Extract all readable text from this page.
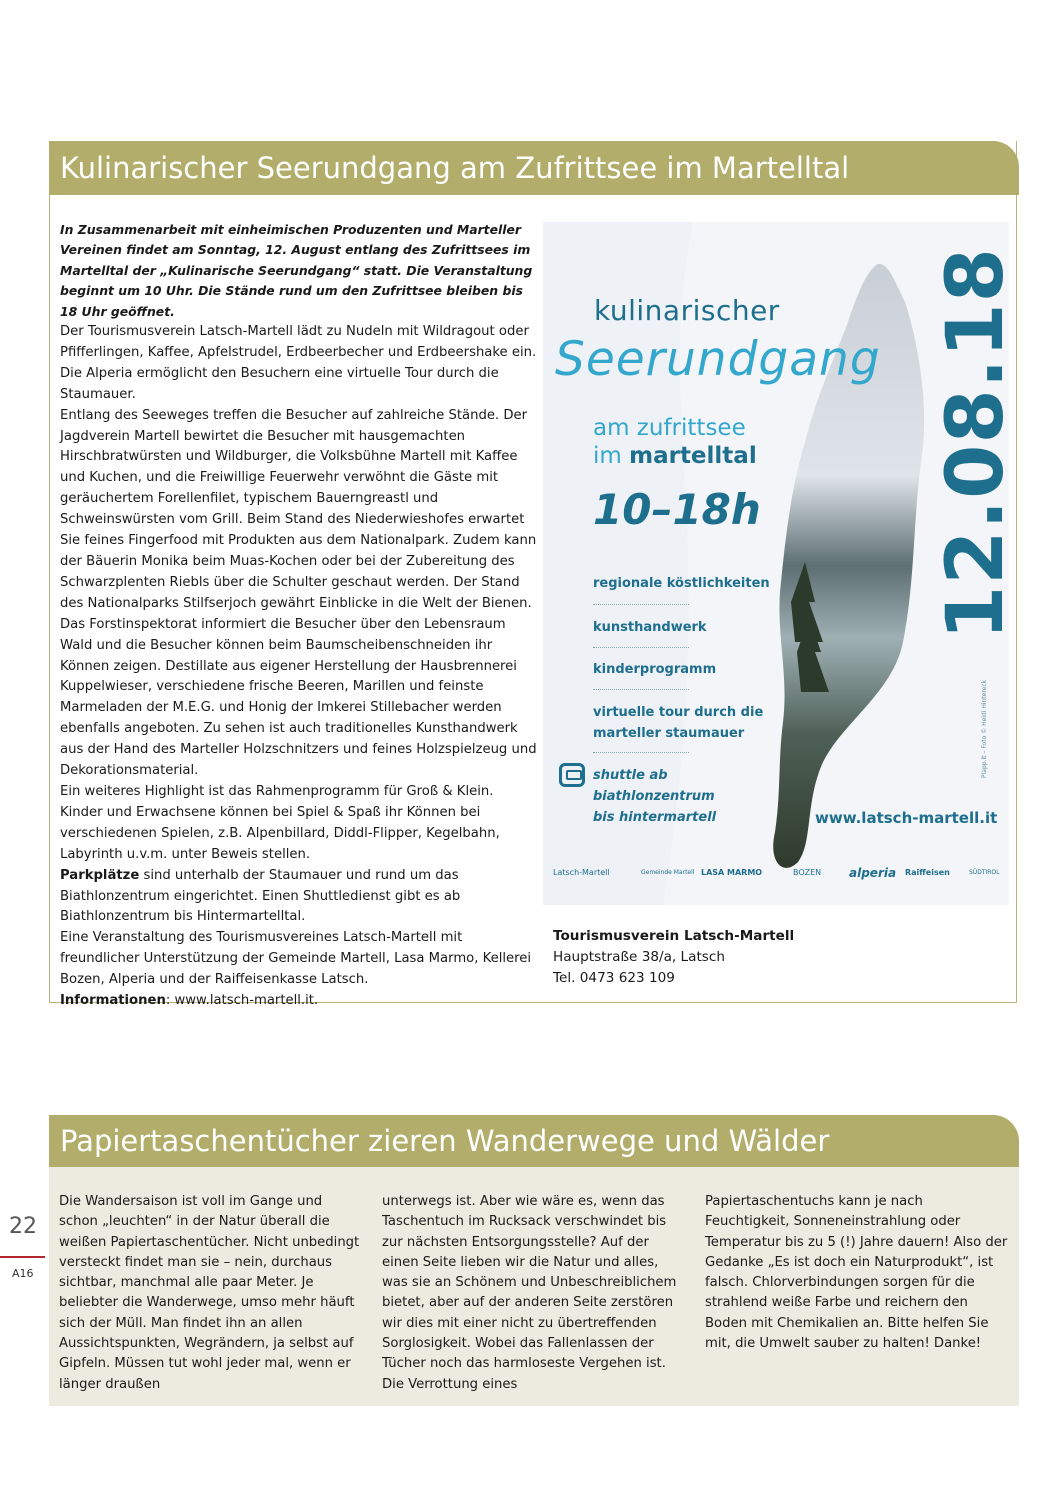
Kulinarischer Seerundgang am Zufrittsee im Martelltal

In Zusammenarbeit mit einheimischen Produzenten und Marteller Vereinen findet am Sonntag, 12. August entlang des Zufrittsees im Martelltal der „Kulinarische Seerundgang“ statt. Die Veranstaltung beginnt um 10 Uhr. Die Stände rund um den Zufrittsee bleiben bis 18 Uhr geöffnet.

Der Tourismusverein Latsch-Martell lädt zu Nudeln mit Wildragout oder Pfifferlingen, Kaffee, Apfelstrudel, Erdbeerbecher und Erdbeershake ein. Die Alperia ermöglicht den Besuchern eine virtuelle Tour durch die Staumauer.

Entlang des Seeweges treffen die Besucher auf zahlreiche Stände. Der Jagdverein Martell bewirtet die Besucher mit hausgemachten Hirschbratwürsten und Wildburger, die Volksbühne Martell mit Kaffee und Kuchen, und die Freiwillige Feuerwehr verwöhnt die Gäste mit geräuchertem Forellenfilet, typischem Bauerngreastl und Schweinswürsten vom Grill. Beim Stand des Niederwieshofes erwartet Sie feines Fingerfood mit Produkten aus dem Nationalpark. Zudem kann der Bäuerin Monika beim Muas-Kochen oder bei der Zubereitung des Schwarzplenten Riebls über die Schulter geschaut werden. Der Stand des Nationalparks Stilfserjoch gewährt Einblicke in die Welt der Bienen. Das Forstinspektorat informiert die Besucher über den Lebensraum Wald und die Besucher können beim Baumscheibenschneiden ihr Können zeigen. Destillate aus eigener Herstellung der Hausbrennerei Kuppelwieser, verschiedene frische Beeren, Marillen und feinste Marmeladen der M.E.G. und Honig der Imkerei Stillebacher werden ebenfalls angeboten. Zu sehen ist auch traditionelles Kunsthandwerk aus der Hand des Marteller Holzschnitzers und feines Holzspielzeug und Dekorationsmaterial.

Ein weiteres Highlight ist das Rahmenprogramm für Groß & Klein. Kinder und Erwachsene können bei Spiel & Spaß ihr Können bei verschiedenen Spielen, z.B. Alpenbillard, Diddl-Flipper, Kegelbahn, Labyrinth u.v.m. unter Beweis stellen.

Parkplätze sind unterhalb der Staumauer und rund um das Biathlonzentrum eingerichtet. Einen Shuttledienst gibt es ab Biathlonzentrum bis Hintermartelltal.

Eine Veranstaltung des Tourismusvereines Latsch-Martell mit freundlicher Unterstützung der Gemeinde Martell, Lasa Marmo, Kellerei Bozen, Alperia und der Raiffeisenkasse Latsch.

Informationen: www.latsch-martell.it.

kulinarischer
Seerundgang
am zufrittsee
im martelltal
10–18h 12.08.18
regionale köstlichkeiten
kunsthandwerk
kinderprogramm
virtuelle tour durch die
marteller staumauer
shuttle ab
biathlonzentrum
bis hintermartell	www.latsch-martell.it
Plapp.it – Foto © Heidi Hintereck
Latsch-Martell	Gemeinde Martell LASA MARMO	BOZEN alperia Raiffeisen	SÜDTIROL
Tourismusverein Latsch-Martell
Hauptstraße 38/a, Latsch
Tel. 0473 623 109
Papiertaschentücher zieren Wanderwege und Wälder
Die Wandersaison ist voll im Gange und schon „leuchten“ in der Natur überall die weißen Papiertaschentücher. Nicht unbedingt versteckt findet man sie – nein, durchaus sichtbar, manchmal alle paar Meter. Je beliebter die Wanderwege, umso mehr häuft sich der Müll. Man findet ihn an allen Aussichtspunkten, Wegrändern, ja selbst auf Gipfeln. Müssen tut wohl jeder mal, wenn er länger draußen
unterwegs ist. Aber wie wäre es, wenn das Taschentuch im Rucksack verschwindet bis zur nächsten Entsorgungsstelle? Auf der einen Seite lieben wir die Natur und alles, was sie an Schönem und Unbeschreiblichem bietet, aber auf der anderen Seite zerstören wir dies mit einer nicht zu übertreffenden Sorglosigkeit. Wobei das Fallenlassen der Tücher noch das harmloseste Vergehen ist. Die Verrottung eines
Papiertaschentuchs kann je nach Feuchtigkeit, Sonneneinstrahlung oder Temperatur bis zu 5 (!) Jahre dauern! Also der Gedanke „Es ist doch ein Naturprodukt“, ist falsch. Chlorverbindungen sorgen für die strahlend weiße Farbe und reichern den Boden mit Chemikalien an. Bitte helfen Sie mit, die Umwelt sauber zu halten! Danke!
22
A16
